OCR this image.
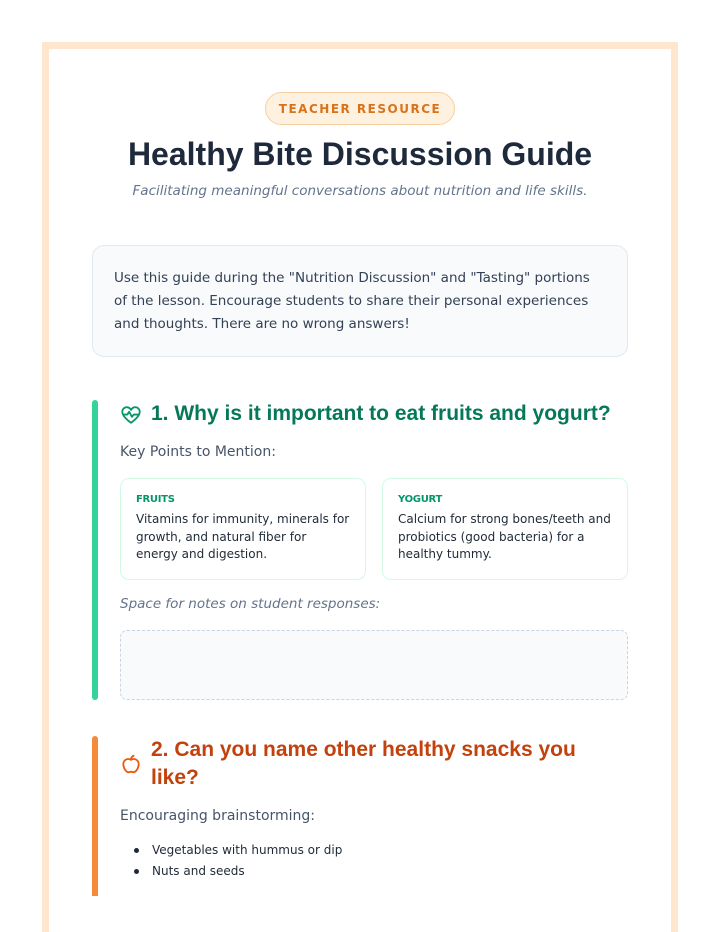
TEACHER RESOURCE
Healthy Bite Discussion Guide

Facilitating meaningful conversations about nutrition and life skills.

Use this guide during the "Nutrition Discussion" and "Tasting" portions of the lesson. Encourage students to share their personal experiences and thoughts. There are no wrong answers!

1. Why is it important to eat fruits and yogurt?

Key Points to Mention:

FRUITS
Vitamins for immunity, minerals for growth, and natural fiber for energy and digestion.
YOGURT
Calcium for strong bones/teeth and probiotics (good bacteria) for a healthy tummy.

Space for notes on student responses:

2. Can you name other healthy snacks you like?

Encouraging brainstorming:

Vegetables with hummus or dip
Nuts and seeds
